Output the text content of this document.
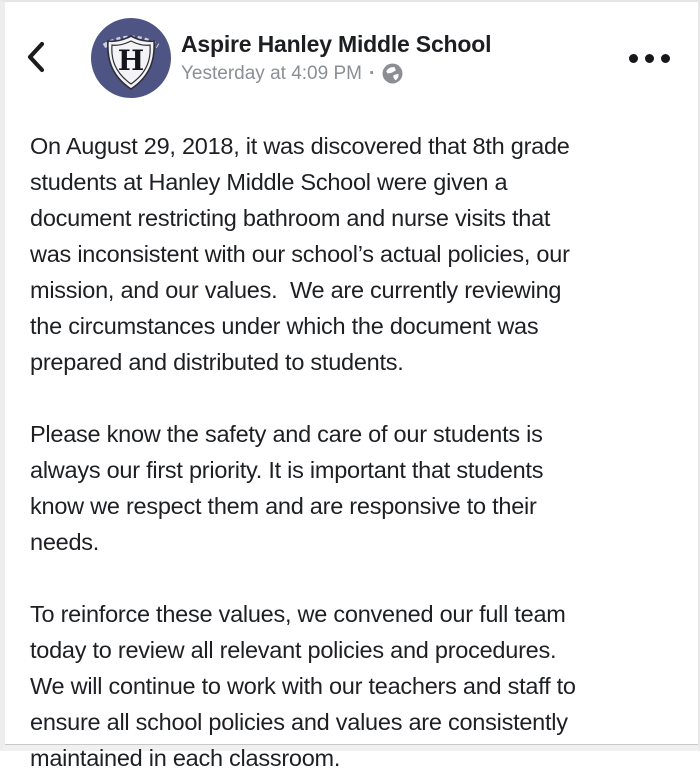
H Aspire Hanley Middle School
Yesterday at 4:09 PM ·

On August 29, 2018, it was discovered that 8th grade
students at Hanley Middle School were given a
document restricting bathroom and nurse visits that
was inconsistent with our school’s actual policies, our
mission, and our values.  We are currently reviewing
the circumstances under which the document was
prepared and distributed to students.

Please know the safety and care of our students is
always our first priority. It is important that students
know we respect them and are responsive to their
needs.

To reinforce these values, we convened our full team
today to review all relevant policies and procedures.
We will continue to work with our teachers and staff to
ensure all school policies and values are consistently
maintained in each classroom.
